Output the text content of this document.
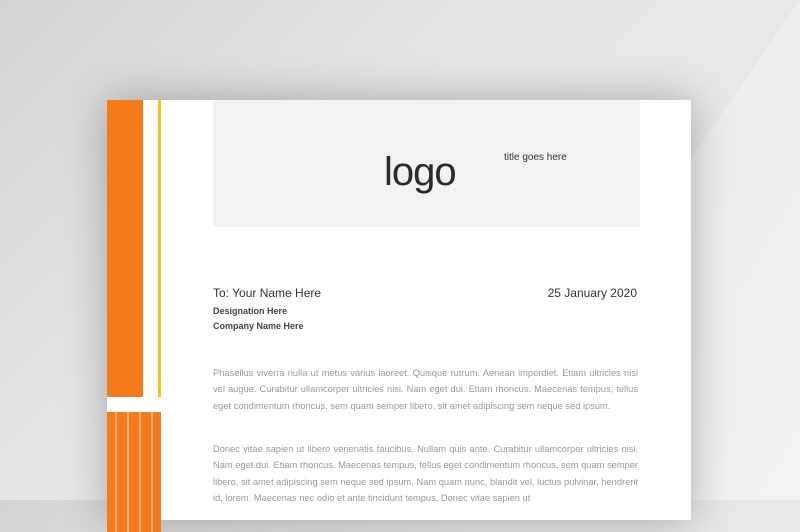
title goes here
logo
To: Your Name Here	25 January 2020
Designation Here
Company Name Here
Phasellus viverra nulla ut metus varius laoreet. Quisque rutrum. Aenean imperdiet. Etiam ultricies nisi vel augue. Curabitur ullamcorper ultricies nisi. Nam eget dui. Etiam rhoncus. Maecenas tempus, tellus eget condimentum rhoncus, sem quam semper libero, sit amet adipiscing sem neque sed ipsum.
Donec vitae sapien ut libero venenatis faucibus. Nullam quis ante. Curabitur ullamcorper ultricies nisi. Nam eget dui. Etiam rhoncus. Maecenas tempus, tellus eget condimentum rhoncus, sem quam semper libero, sit amet adipiscing sem neque sed ipsum. Nam quam nunc, blandit vel, luctus pulvinar, hendrerit id, lorem. Maecenas nec odio et ante tincidunt tempus. Donec vitae sapien ut
